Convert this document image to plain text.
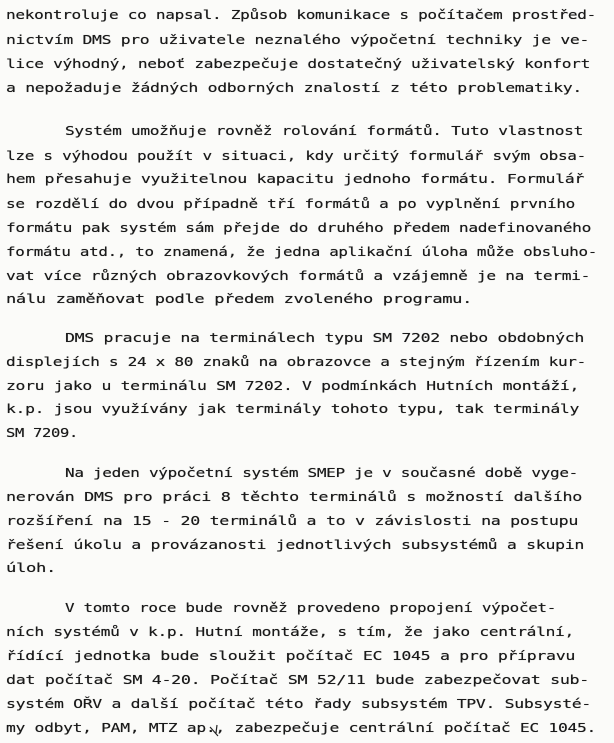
nekontroluje co napsal. Způsob komunikace s počítačem prostřed-
nictvím DMS pro uživatele neznalého výpočetní techniky je ve-
lice výhodný, neboť zabezpečuje dostatečný uživatelský konfort
a nepožaduje žádných odborných znalostí z této problematiky.
Systém umožňuje rovněž rolování formátů. Tuto vlastnost
lze s výhodou použít v situaci, kdy určitý formulář svým obsa-
hem přesahuje využitelnou kapacitu jednoho formátu. Formulář
se rozdělí do dvou případně tří formátů a po vyplnění prvního
formátu pak systém sám přejde do druhého předem nadefinovaného
formátu atd., to znamená, že jedna aplikační úloha může obsluho-
vat více různých obrazovkových formátů a vzájemně je na termi-
nálu zaměňovat podle předem zvoleného programu.
DMS pracuje na terminálech typu SM 7202 nebo obdobných
displejích s 24 x 80 znaků na obrazovce a stejným řízením kur-
zoru jako u terminálu SM 7202. V podmínkách Hutních montáží,
k.p. jsou využívány jak terminály tohoto typu, tak terminály
SM 7209.
Na jeden výpočetní systém SMEP je v současné době vyge-
nerován DMS pro práci 8 těchto terminálů s možností dalšího
rozšíření na 15 - 20 terminálů a to v závislosti na postupu
řešení úkolu a provázanosti jednotlivých subsystémů a skupin
úloh.
V tomto roce bude rovněž provedeno propojení výpočet-
ních systémů v k.p. Hutní montáže, s tím, že jako centrální,
řídící jednotka bude sloužit počítač EC 1045 a pro přípravu
dat počítač SM 4-20. Počítač SM 52/11 bude zabezpečovat sub-
systém OŘV a další počítač této řady subsystém TPV. Subsysté-
my odbyt, PAM, MTZ ap., zabezpečuje centrální počítač EC 1045.
